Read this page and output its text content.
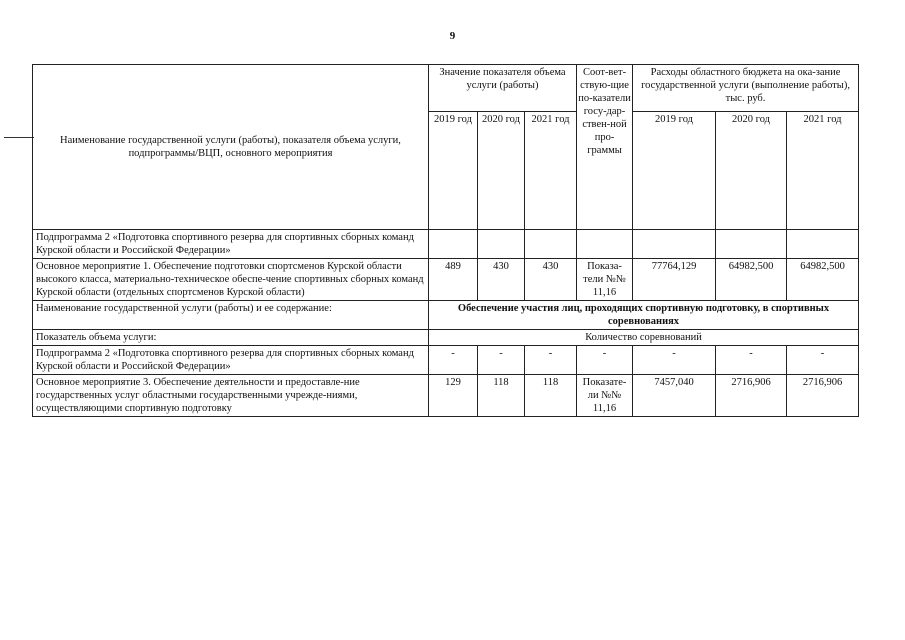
9
Наименование государственной услуги (работы), показателя объема услуги, подпрограммы/ВЦП, основного мероприятия	Значение показателя объема услуги (работы)			Соот-вет-ствую-щие по-казатели госу-дар-ствен-ной про-граммы	Расходы областного бюджета на ока-зание государственной услуги (выполнение работы), тыс. руб.		
	2019 год	2020 год	2021 год		2019 год	2020 год	2021 год
Подпрограмма 2 «Подготовка спортивного резерва для спортивных сборных команд Курской области и Российской Федерации»							
Основное мероприятие 1. Обеспечение подготовки спортсменов Курской области высокого класса, материально-техническое обеспе-чение спортивных сборных команд Курской области (отдельных спортсменов Курской области)	489	430	430	Показа-тели №№ 11,16	77764,129	64982,500	64982,500
Наименование государственной услуги (работы) и ее содержание:	Обеспечение участия лиц, проходящих спортивную подготовку, в спортивных соревнованиях						
Показатель объема услуги:	Количество соревнований						
Подпрограмма 2 «Подготовка спортивного резерва для спортивных сборных команд Курской области и Российской Федерации»	-	-	-	-	-	-	-
Основное мероприятие 3. Обеспечение деятельности и предоставле-ние государственных услуг областными государственными учрежде-ниями, осуществляющими спортивную подготовку	129	118	118	Показате-ли №№ 11,16	7457,040	2716,906	2716,906
